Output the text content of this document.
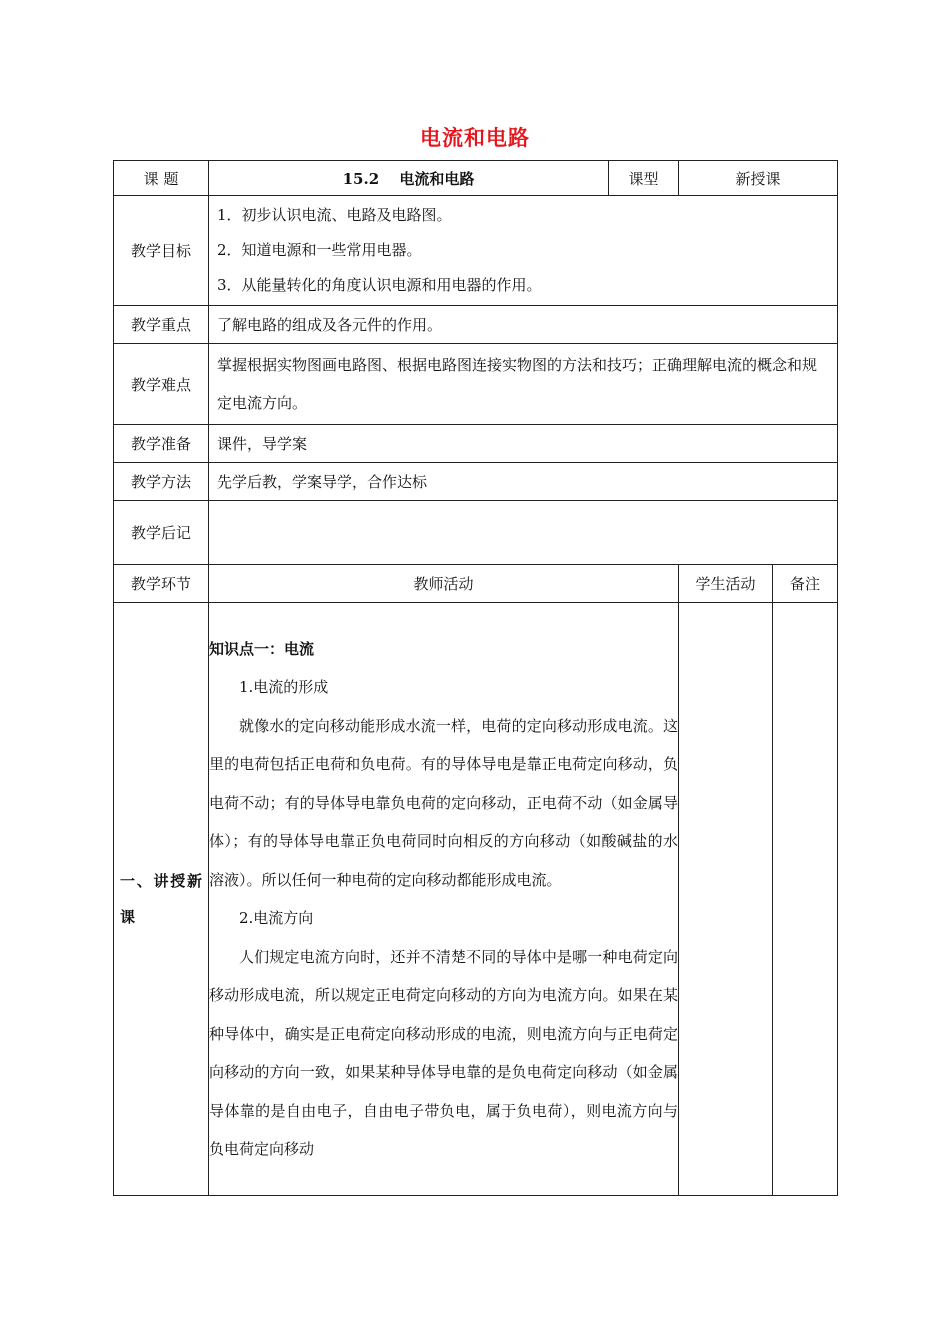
电流和电路
课 题	15.2　 电流和电路	课型	新授课	
教学目标	1．初步认识电流、电路及电路图。
2．知道电源和一些常用电器。
3．从能量转化的角度认识电源和用电器的作用。			

教学重点	了解电路的组成及各元件的作用。			
教学难点	掌握根据实物图画电路图、根据电路图连接实物图的方法和技巧；正确理解电流的概念和规定电流方向。			
教学准备	课件，导学案			
教学方法	先学后教，学案导学，合作达标			
教学后记				
教学环节	教师活动		学生活动	备注

一、讲授新课	知识点一：电流

1.电流的形成

就像水的定向移动能形成水流一样，电荷的定向移动形成电流。这里的电荷包括正电荷和负电荷。有的导体导电是靠正电荷定向移动，负电荷不动；有的导体导电靠负电荷的定向移动，正电荷不动（如金属导体）；有的导体导电靠正负电荷同时向相反的方向移动（如酸碱盐的水溶液）。所以任何一种电荷的定向移动都能形成电流。

2.电流方向

人们规定电流方向时，还并不清楚不同的导体中是哪一种电荷定向移动形成电流，所以规定正电荷定向移动的方向为电流方向。如果在某种导体中，确实是正电荷定向移动形成的电流，则电流方向与正电荷定向移动的方向一致，如果某种导体导电靠的是负电荷定向移动（如金属导体靠的是自由电子，自由电子带负电，属于负电荷），则电流方向与负电荷定向移动			
